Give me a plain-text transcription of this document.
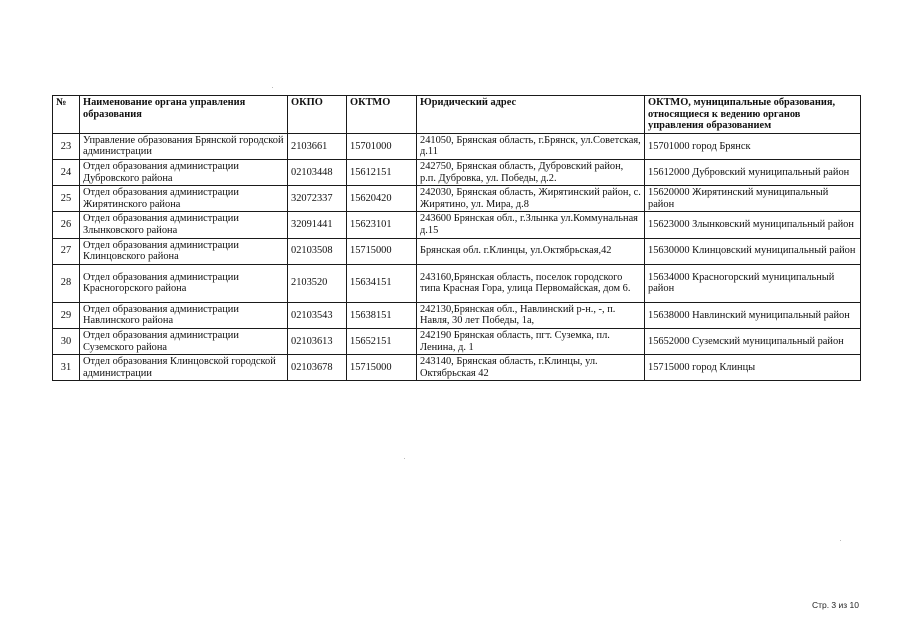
№	Наименование органа управления образования	ОКПО	ОКТМО	Юридический адрес	ОКТМО, муниципальные образования, относящиеся к ведению органов управления образованием
23	Управление образования Брянской городской администрации	2103661	15701000	241050, Брянская область, г.Брянск, ул.Советская, д.11	15701000 город Брянск
24	Отдел образования администрации Дубровского района	02103448	15612151	242750, Брянская область, Дубровский район, р.п. Дубровка, ул. Победы, д.2.	15612000 Дубровский муниципальный район
25	Отдел образования администрации Жирятинского района	32072337	15620420	242030, Брянская область, Жирятинский район, с. Жирятино, ул. Мира, д.8	15620000 Жирятинский муниципальный район
26	Отдел образования администрации Злынковского района	32091441	15623101	243600 Брянская обл., г.Злынка ул.Коммунальная д.15	15623000 Злынковский муниципальный район
27	Отдел образования администрации Клинцовского района	02103508	15715000	Брянская обл. г.Клинцы, ул.Октябрьская,42	15630000 Клинцовский муниципальный район
28	Отдел образования администрации Красногорского района	2103520	15634151	243160,Брянская область, поселок городского типа Красная Гора, улица Первомайская, дом 6.	15634000 Красногорский муниципальный район
29	Отдел образования администрации Навлинского района	02103543	15638151	242130,Брянская обл., Навлинский р-н., -, п. Навля, 30 лет Победы, 1а,	15638000 Навлинский муниципальный район
30	Отдел образования администрации Суземского района	02103613	15652151	242190 Брянская область, пгт. Суземка, пл. Ленина, д. 1	15652000 Суземский муниципальный район
31	Отдел образования Клинцовской городской администрации	02103678	15715000	243140, Брянская область, г.Клинцы, ул. Октябрьская 42	15715000 город Клинцы
Стр. 3 из 10
